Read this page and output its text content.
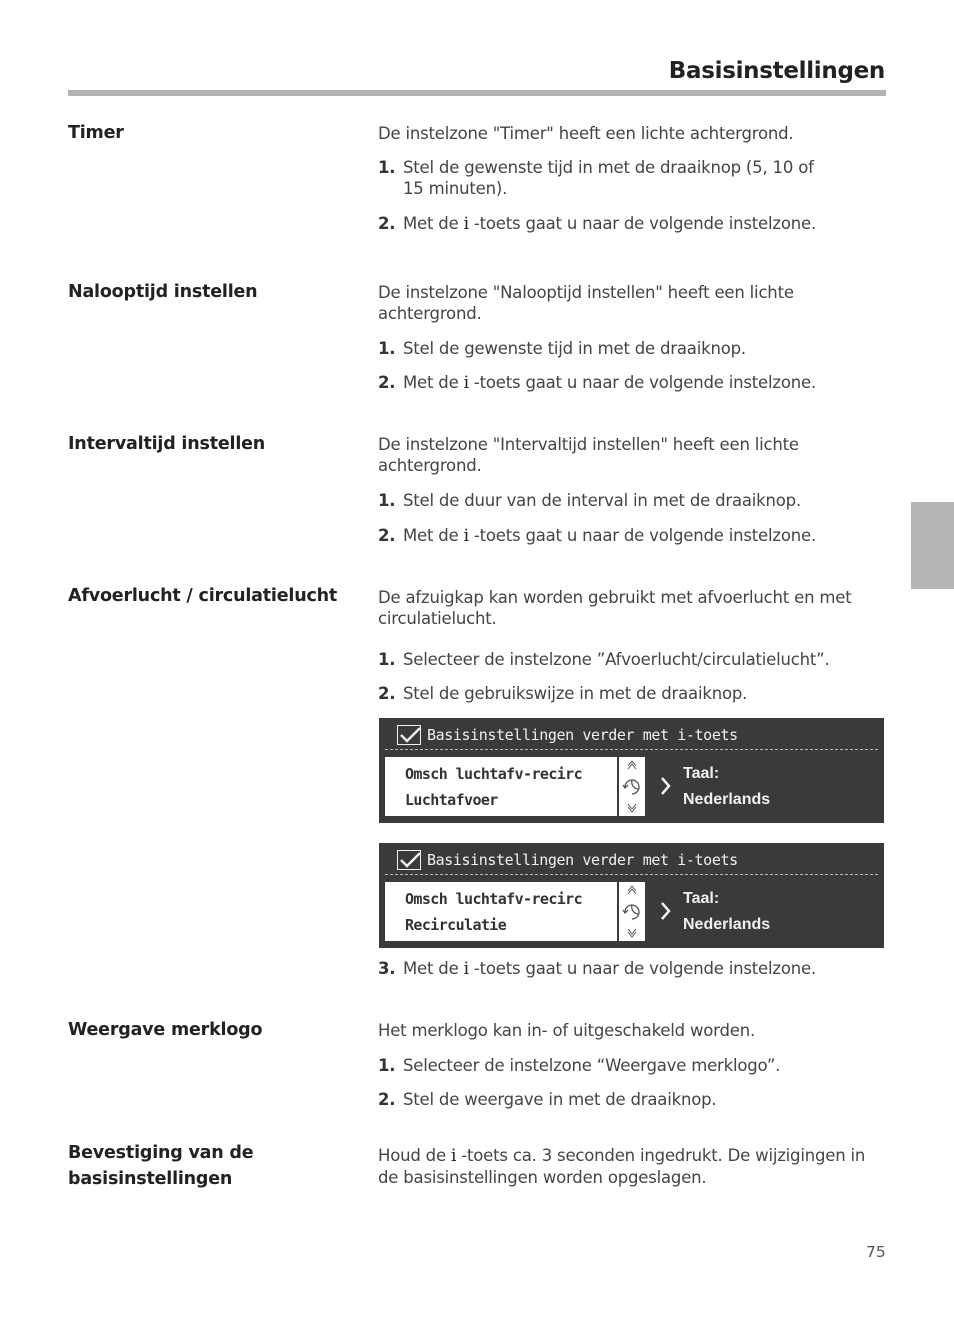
Basisinstellingen
Timer	De instelzone "Timer" heeft een lichte achtergrond.
1. Stel de gewenste tijd in met de draaiknop (5, 10 of
15 minuten).
2. Met de i -toets gaat u naar de volgende instelzone.
Nalooptijd instellen	De instelzone "Nalooptijd instellen" heeft een lichte
achtergrond.
1. Stel de gewenste tijd in met de draaiknop.
2. Met de i -toets gaat u naar de volgende instelzone.
Intervaltijd instellen	De instelzone "Intervaltijd instellen" heeft een lichte
achtergrond.
1. Stel de duur van de interval in met de draaiknop.
2. Met de i -toets gaat u naar de volgende instelzone.
Afvoerlucht / circulatielucht	De afzuigkap kan worden gebruikt met afvoerlucht en met
circulatielucht.
1. Selecteer de instelzone ”Afvoerlucht/circulatielucht”.
2. Stel de gebruikswijze in met de draaiknop.
Basisinstellingen verder met i-toets
Omsch luchtafv-recirc
Luchtafvoer
Taal:
Nederlands
Basisinstellingen verder met i-toets
Omsch luchtafv-recirc
Recirculatie
Taal:
Nederlands
3. Met de i -toets gaat u naar de volgende instelzone.
Weergave merklogo	Het merklogo kan in- of uitgeschakeld worden.
1. Selecteer de instelzone “Weergave merklogo”.
2. Stel de weergave in met de draaiknop.
Bevestiging van de
basisinstellingen
Houd de i -toets ca. 3 seconden ingedrukt. De wijzigingen in
de basisinstellingen worden opgeslagen.
75
